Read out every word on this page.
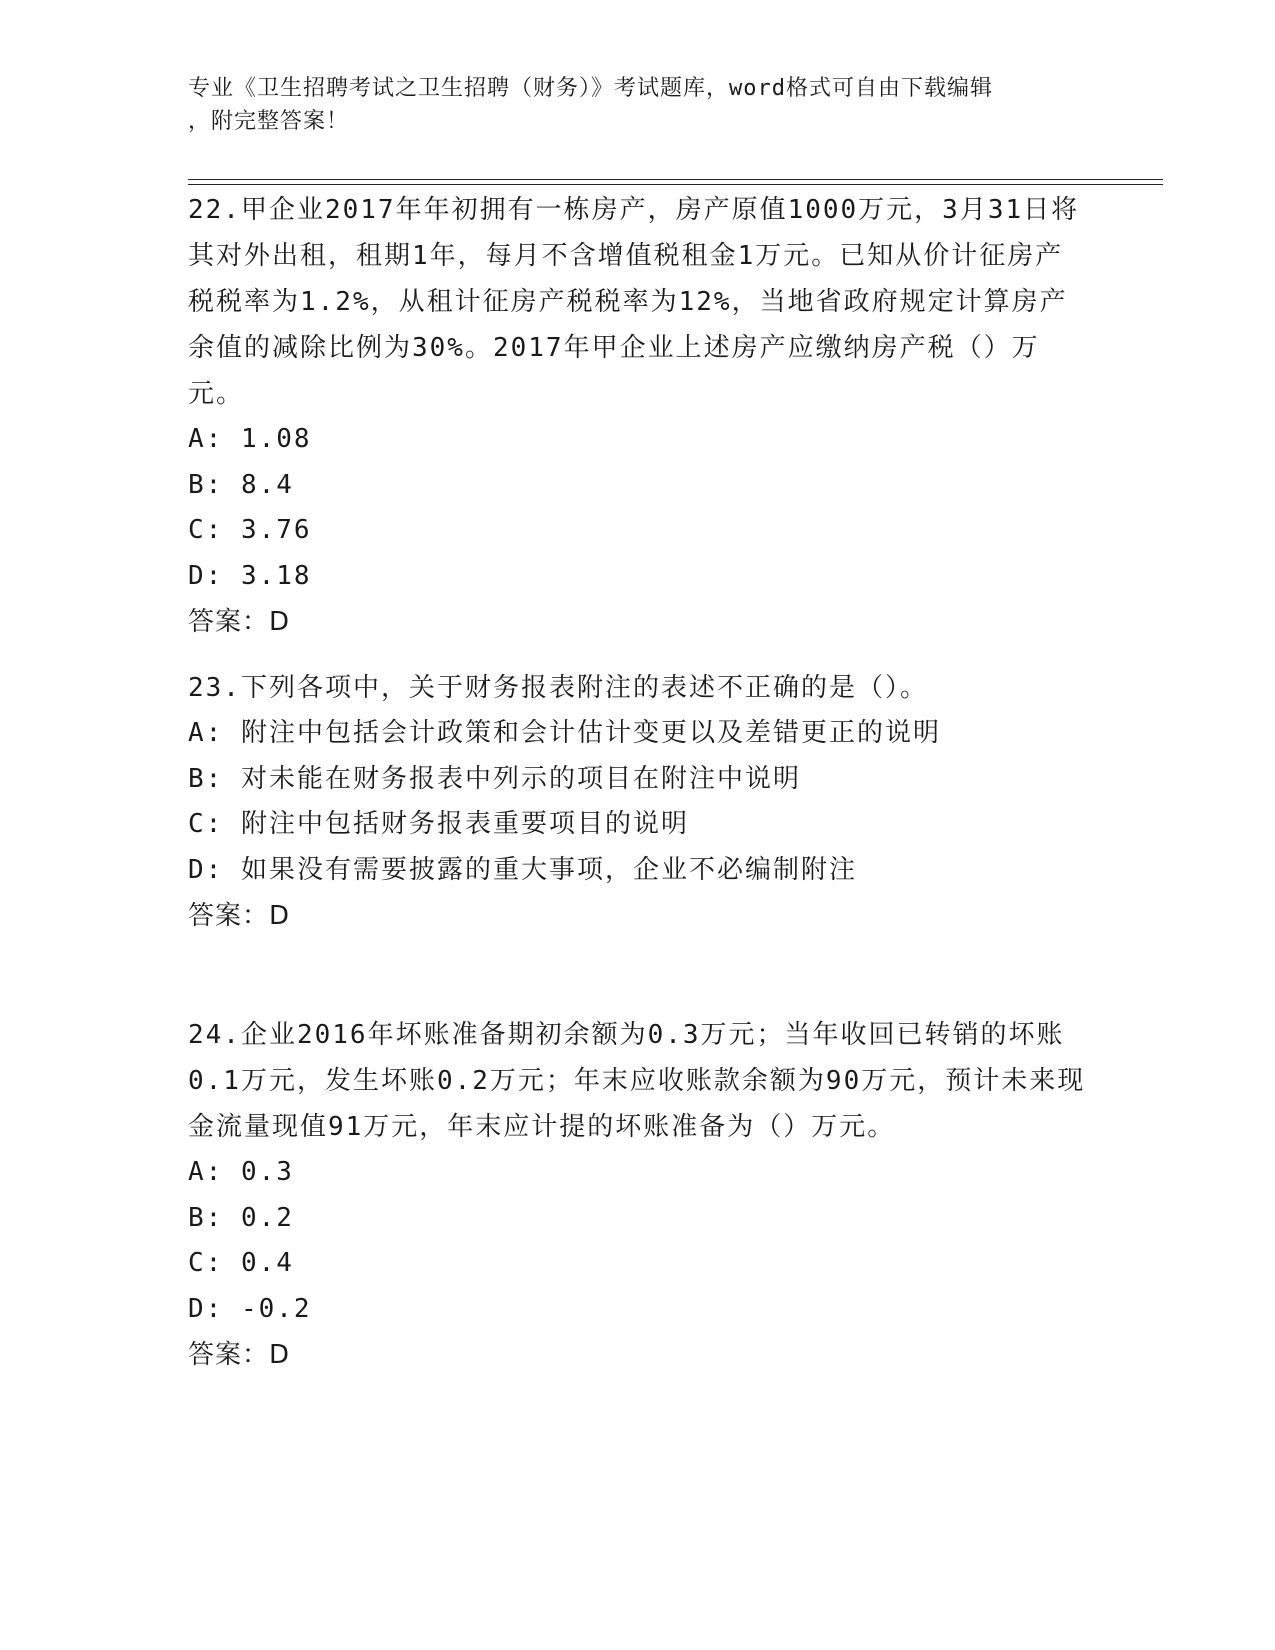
专业《卫生招聘考试之卫生招聘（财务）》考试题库，word格式可自由下载编辑
，附完整答案！
22.甲企业2017年年初拥有一栋房产，房产原值1000万元，3月31日将其对外出租，租期1年，每月不含增值税租金1万元。已知从价计征房产税税率为1.2%，从租计征房产税税率为12%，当地省政府规定计算房产余值的减除比例为30%。2017年甲企业上述房产应缴纳房产税（）万元。
A: 1.08
B: 8.4
C: 3.76
D: 3.18
答案：D
23.下列各项中，关于财务报表附注的表述不正确的是（）。
A: 附注中包括会计政策和会计估计变更以及差错更正的说明
B: 对未能在财务报表中列示的项目在附注中说明
C: 附注中包括财务报表重要项目的说明
D: 如果没有需要披露的重大事项，企业不必编制附注
答案：D
24.企业2016年坏账准备期初余额为0.3万元；当年收回已转销的坏账0.1万元，发生坏账0.2万元；年末应收账款余额为90万元，预计未来现金流量现值91万元，年末应计提的坏账准备为（）万元。
A: 0.3
B: 0.2
C: 0.4
D: -0.2
答案：D
